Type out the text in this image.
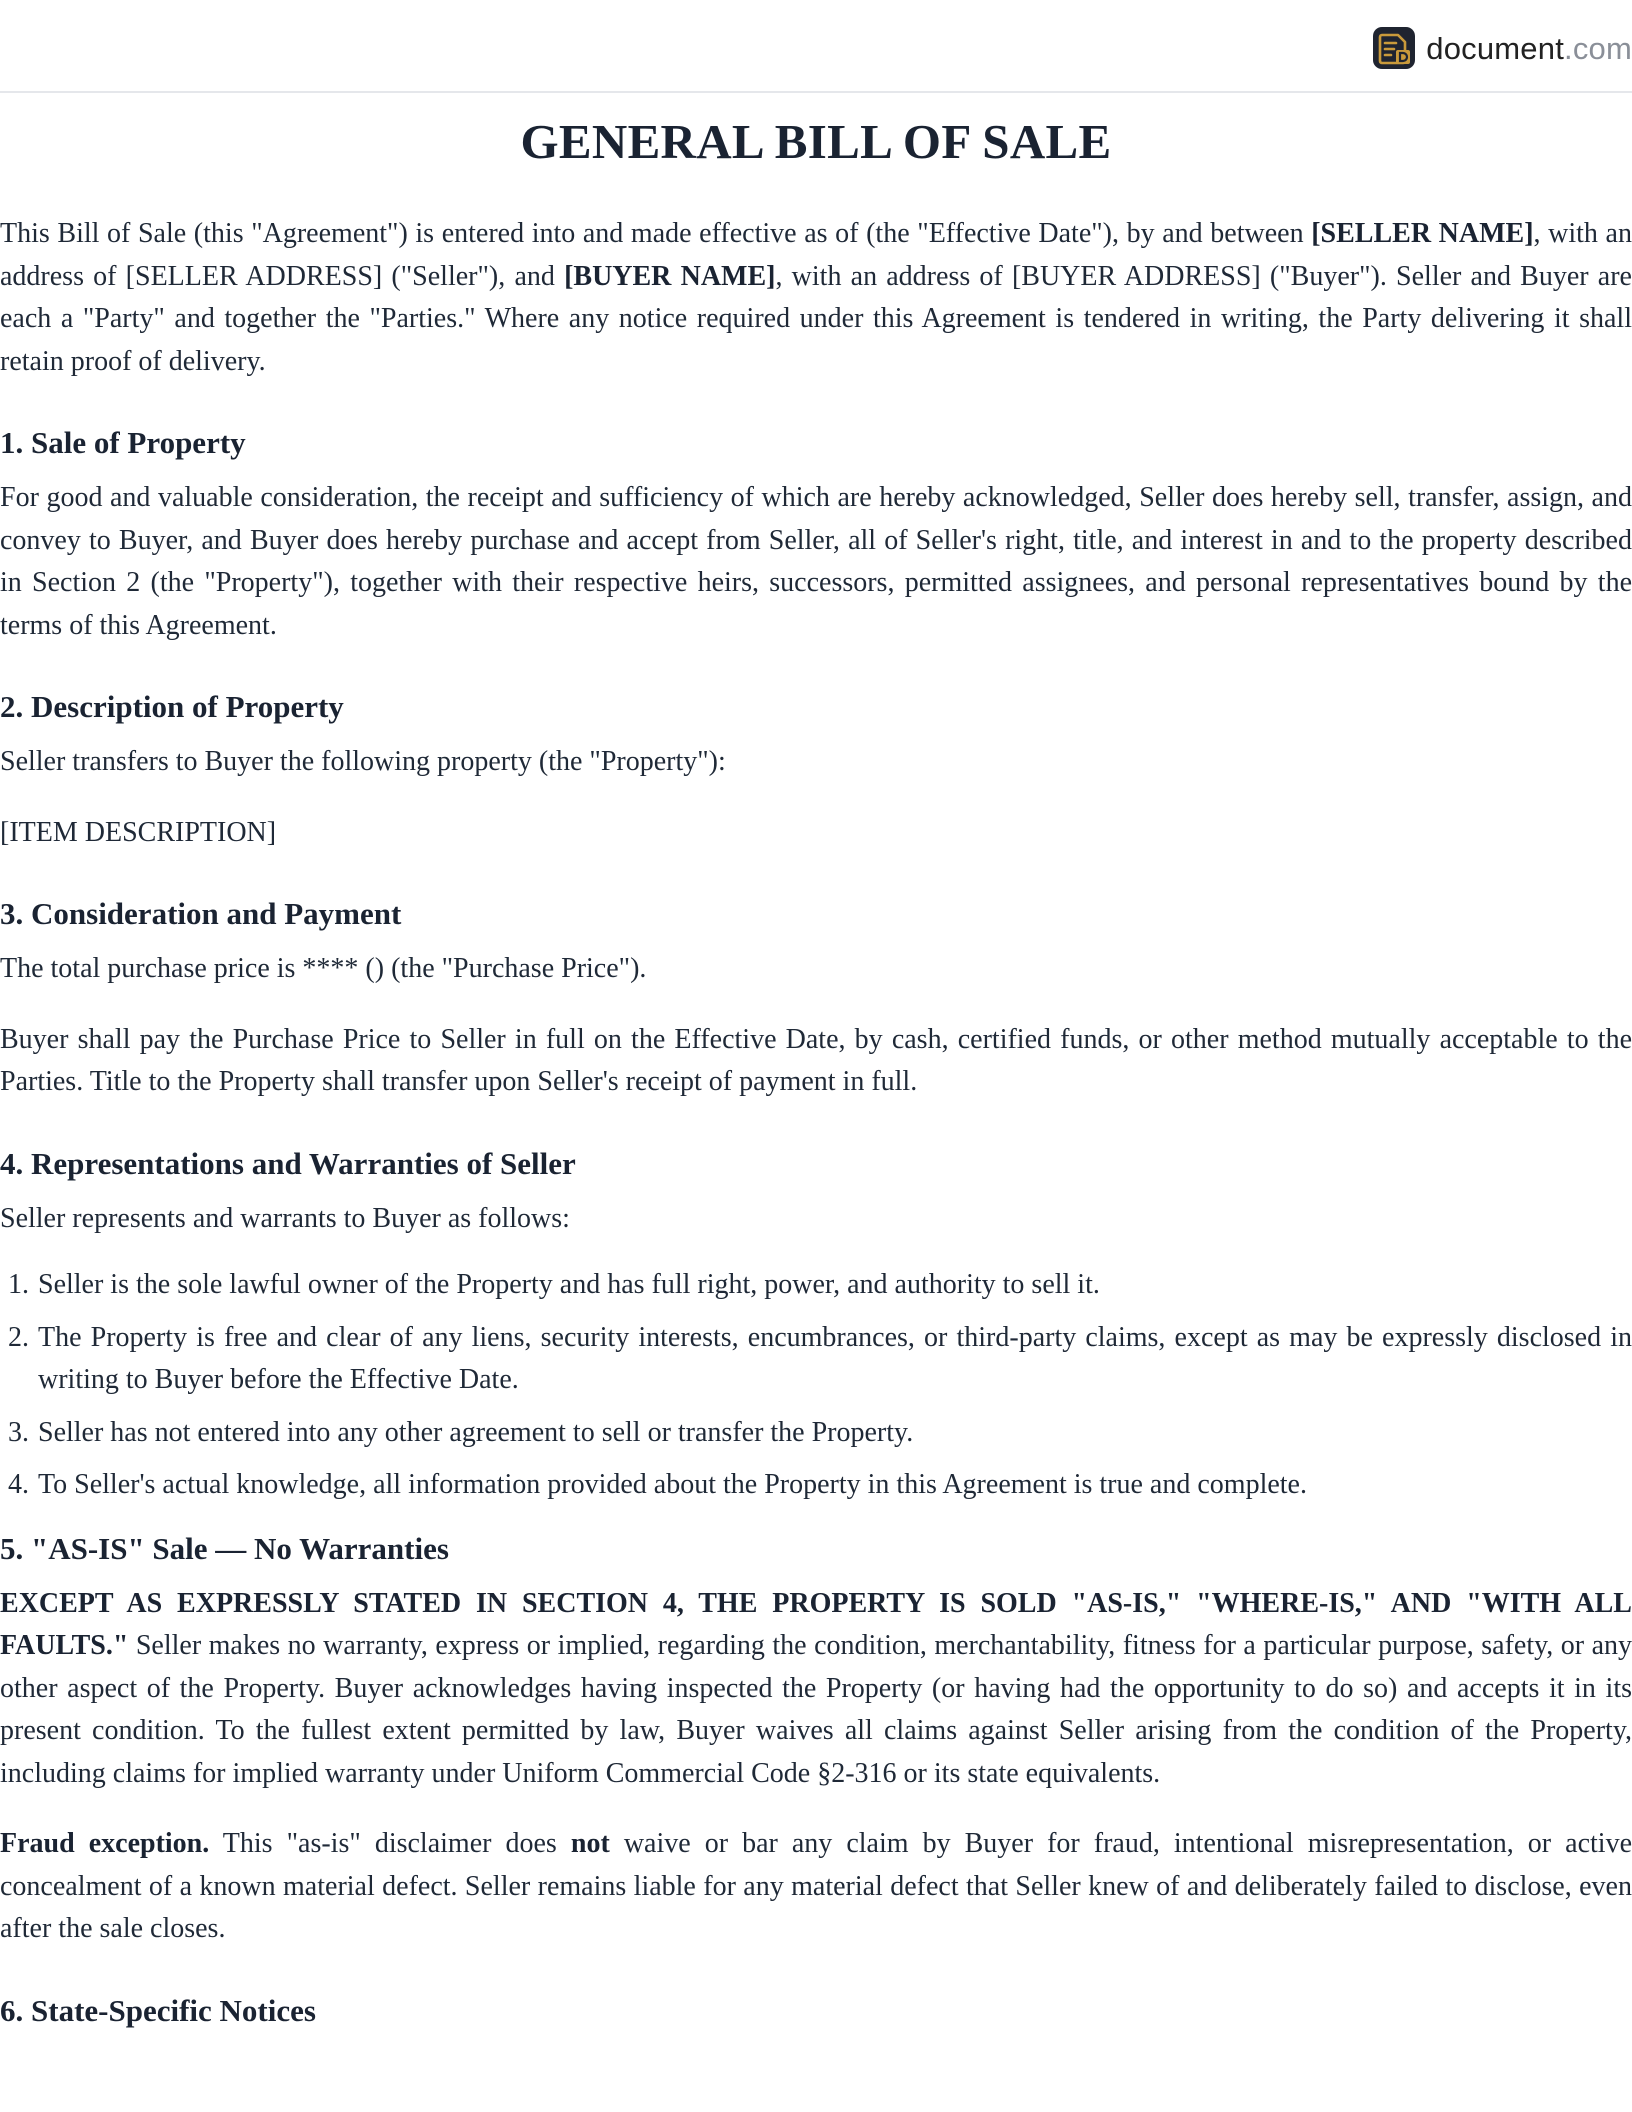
document.com
GENERAL BILL OF SALE

This Bill of Sale (this "Agreement") is entered into and made effective as of (the "Effective Date"), by and between [SELLER NAME], with an address of [SELLER ADDRESS] ("Seller"), and [BUYER NAME], with an address of [BUYER ADDRESS] ("Buyer"). Seller and Buyer are each a "Party" and together the "Parties." Where any notice required under this Agreement is tendered in writing, the Party delivering it shall retain proof of delivery.

1. Sale of Property

For good and valuable consideration, the receipt and sufficiency of which are hereby acknowledged, Seller does hereby sell, transfer, assign, and convey to Buyer, and Buyer does hereby purchase and accept from Seller, all of Seller's right, title, and interest in and to the property described in Section 2 (the "Property"), together with their respective heirs, successors, permitted assignees, and personal representatives bound by the terms of this Agreement.

2. Description of Property

Seller transfers to Buyer the following property (the "Property"):

[ITEM DESCRIPTION]

3. Consideration and Payment

The total purchase price is **** () (the "Purchase Price").

Buyer shall pay the Purchase Price to Seller in full on the Effective Date, by cash, certified funds, or other method mutually acceptable to the Parties. Title to the Property shall transfer upon Seller's receipt of payment in full.

4. Representations and Warranties of Seller

Seller represents and warrants to Buyer as follows:

1. Seller is the sole lawful owner of the Property and has full right, power, and authority to sell it.
2. The Property is free and clear of any liens, security interests, encumbrances, or third-party claims, except as may be expressly disclosed in writing to Buyer before the Effective Date.
3. Seller has not entered into any other agreement to sell or transfer the Property.
4. To Seller's actual knowledge, all information provided about the Property in this Agreement is true and complete.
5. "AS-IS" Sale — No Warranties

EXCEPT AS EXPRESSLY STATED IN SECTION 4, THE PROPERTY IS SOLD "AS-IS," "WHERE-IS," AND "WITH ALL FAULTS." Seller makes no warranty, express or implied, regarding the condition, merchantability, fitness for a particular purpose, safety, or any other aspect of the Property. Buyer acknowledges having inspected the Property (or having had the opportunity to do so) and accepts it in its present condition. To the fullest extent permitted by law, Buyer waives all claims against Seller arising from the condition of the Property, including claims for implied warranty under Uniform Commercial Code §2-316 or its state equivalents.

Fraud exception. This "as-is" disclaimer does not waive or bar any claim by Buyer for fraud, intentional misrepresentation, or active concealment of a known material defect. Seller remains liable for any material defect that Seller knew of and deliberately failed to disclose, even after the sale closes.

6. State-Specific Notices
